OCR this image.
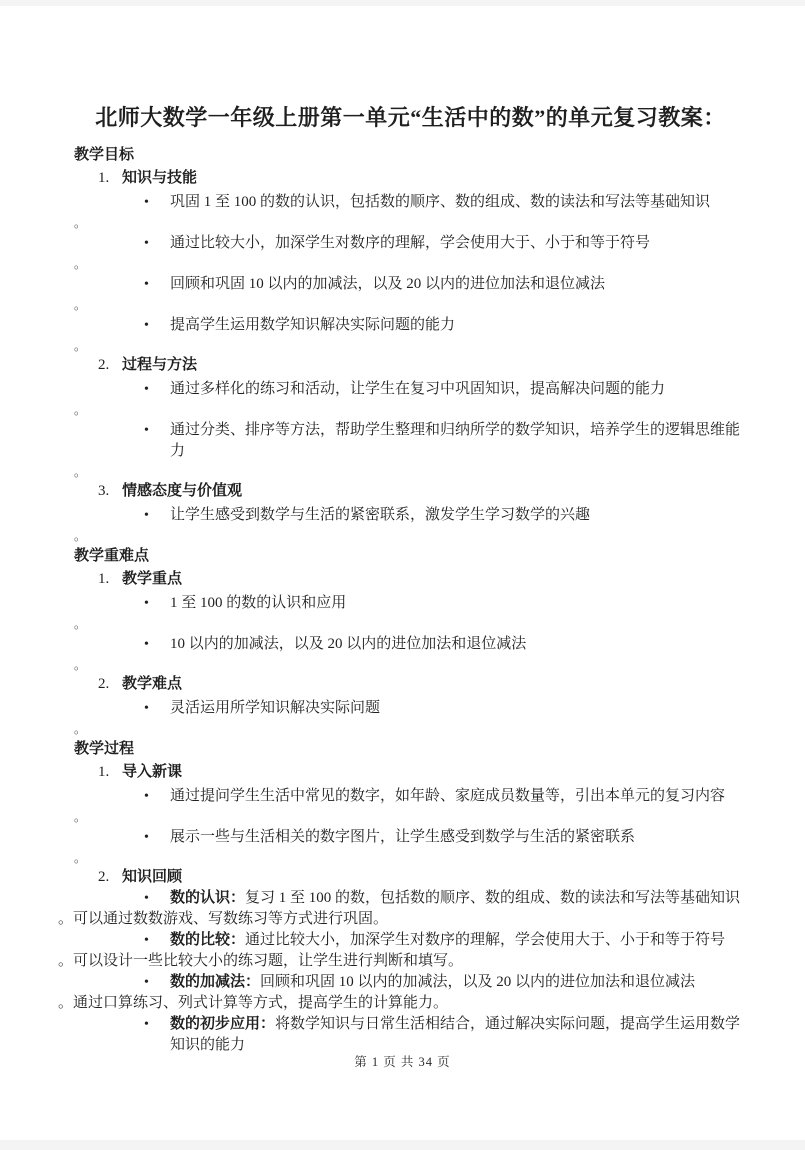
北师大数学一年级上册第一单元“生活中的数”的单元复习教案：
教学目标
1. 知识与技能
•	巩固 1 至 100 的数的认识，包括数的顺序、数的组成、数的读法和写法等基础知识
。
•	通过比较大小，加深学生对数序的理解，学会使用大于、小于和等于符号
。
•	回顾和巩固 10 以内的加减法，以及 20 以内的进位加法和退位减法
。
•	提高学生运用数学知识解决实际问题的能力
。
2. 过程与方法
•	通过多样化的练习和活动，让学生在复习中巩固知识，提高解决问题的能力
。
•	通过分类、排序等方法，帮助学生整理和归纳所学的数学知识，培养学生的逻辑思维能力
。
3. 情感态度与价值观
•	让学生感受到数学与生活的紧密联系，激发学生学习数学的兴趣
。
教学重难点
1. 教学重点
•	1 至 100 的数的认识和应用
。
•	10 以内的加减法，以及 20 以内的进位加法和退位减法
。
2. 教学难点
•	灵活运用所学知识解决实际问题
。
教学过程
1. 导入新课
•	通过提问学生生活中常见的数字，如年龄、家庭成员数量等，引出本单元的复习内容
。
•	展示一些与生活相关的数字图片，让学生感受到数学与生活的紧密联系
。
2. 知识回顾
•	数的认识：复习 1 至 100 的数，包括数的顺序、数的组成、数的读法和写法等基础知识
。可以通过数数游戏、写数练习等方式进行巩固。
•	数的比较：通过比较大小，加深学生对数序的理解，学会使用大于、小于和等于符号
。可以设计一些比较大小的练习题，让学生进行判断和填写。
•	数的加减法：回顾和巩固 10 以内的加减法，以及 20 以内的进位加法和退位减法
。通过口算练习、列式计算等方式，提高学生的计算能力。
•	数的初步应用：将数学知识与日常生活相结合，通过解决实际问题，提高学生运用数学知识的能力
第 1 页 共 34 页
